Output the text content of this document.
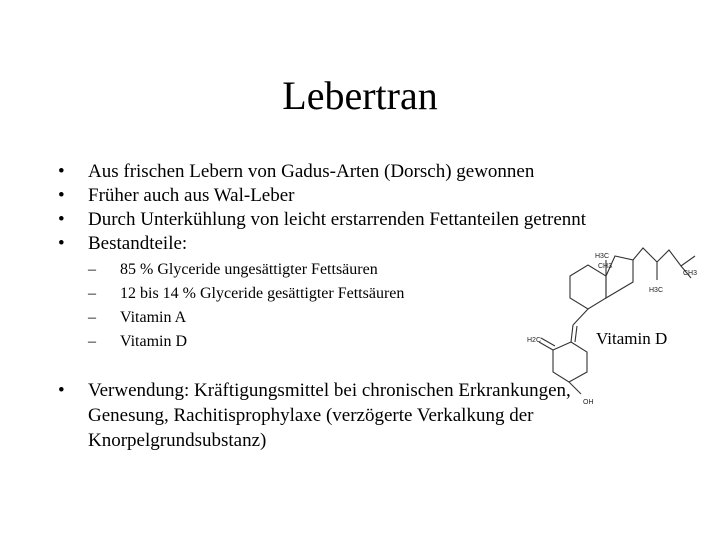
Lebertran
• Aus frischen Lebern von Gadus-Arten (Dorsch) gewonnen
• Früher auch aus Wal-Leber
• Durch Unterkühlung von leicht erstarrenden Fettanteilen getrennt
• Bestandteile:
– 85 % Glyceride ungesättigter Fettsäuren
– 12 bis 14 % Glyceride gesättigter Fettsäuren
– Vitamin A
– Vitamin D
H3C
CH3
CH3
H3C
H2C
OH
Vitamin D
• Verwendung: Kräftigungsmittel bei chronischen Erkrankungen, Genesung, Rachitisprophylaxe (verzögerte Verkalkung der Knorpelgrundsubstanz)
